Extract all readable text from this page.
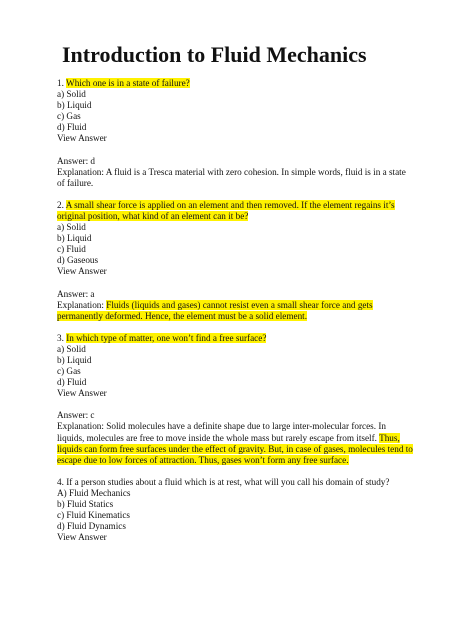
Introduction to Fluid Mechanics
1. Which one is in a state of failure?
a) Solid
b) Liquid
c) Gas
d) Fluid
View Answer
Answer: d
Explanation: A fluid is a Tresca material with zero cohesion. In simple words, fluid is in a state
of failure.
2. A small shear force is applied on an element and then removed. If the element regains it’s
original position, what kind of an element can it be?
a) Solid
b) Liquid
c) Fluid
d) Gaseous
View Answer
Answer: a
Explanation: Fluids (liquids and gases) cannot resist even a small shear force and gets
permanently deformed. Hence, the element must be a solid element.
3. In which type of matter, one won’t find a free surface?
a) Solid
b) Liquid
c) Gas
d) Fluid
View Answer
Answer: c
Explanation: Solid molecules have a definite shape due to large inter-molecular forces. In
liquids, molecules are free to move inside the whole mass but rarely escape from itself. Thus,
liquids can form free surfaces under the effect of gravity. But, in case of gases, molecules tend to
escape due to low forces of attraction. Thus, gases won’t form any free surface.
4. If a person studies about a fluid which is at rest, what will you call his domain of study?
A) Fluid Mechanics
b) Fluid Statics
c) Fluid Kinematics
d) Fluid Dynamics
View Answer
